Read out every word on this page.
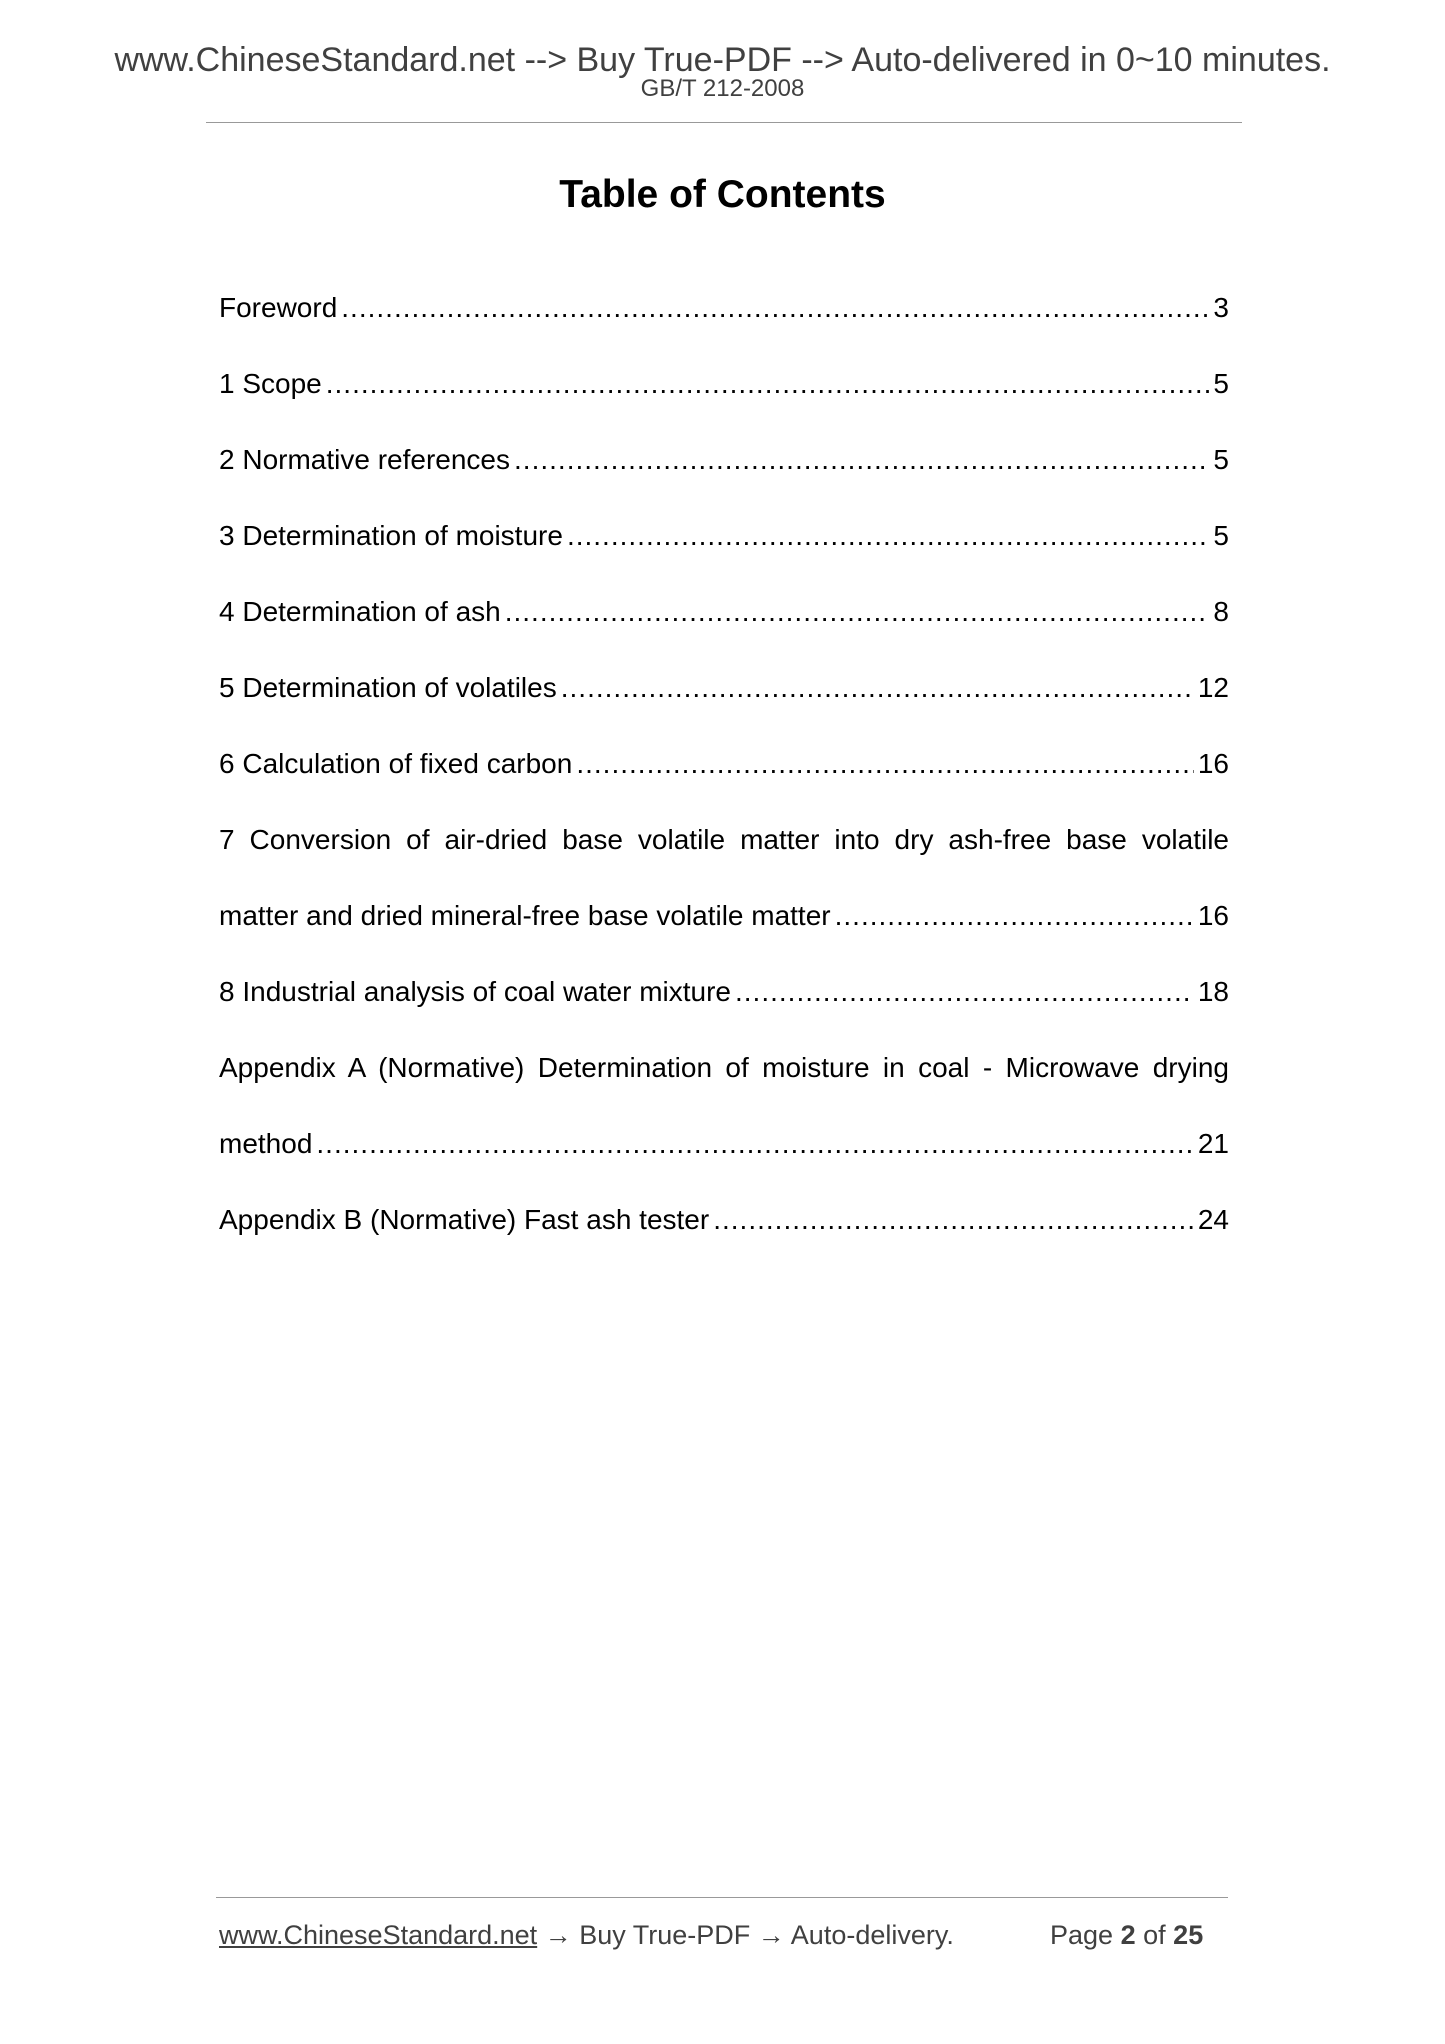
www.ChineseStandard.net --> Buy True-PDF --> Auto-delivered in 0~10 minutes.
GB/T 212-2008
Table of Contents
Foreword .....	3
1 Scope .....	5
2 Normative references .....	5
3 Determination of moisture .....	5
4 Determination of ash .....	8
5 Determination of volatiles .....	12
6 Calculation of fixed carbon .....	16
7 Conversion of air-dried base volatile matter into dry ash-free base volatile
matter and dried mineral-free base volatile matter .....	16
8 Industrial analysis of coal water mixture .....	18
Appendix A (Normative) Determination of moisture in coal - Microwave drying
method .....	21
Appendix B (Normative) Fast ash tester .....	24
www.ChineseStandard.net → Buy True-PDF → Auto-delivery.	Page 2 of 25
